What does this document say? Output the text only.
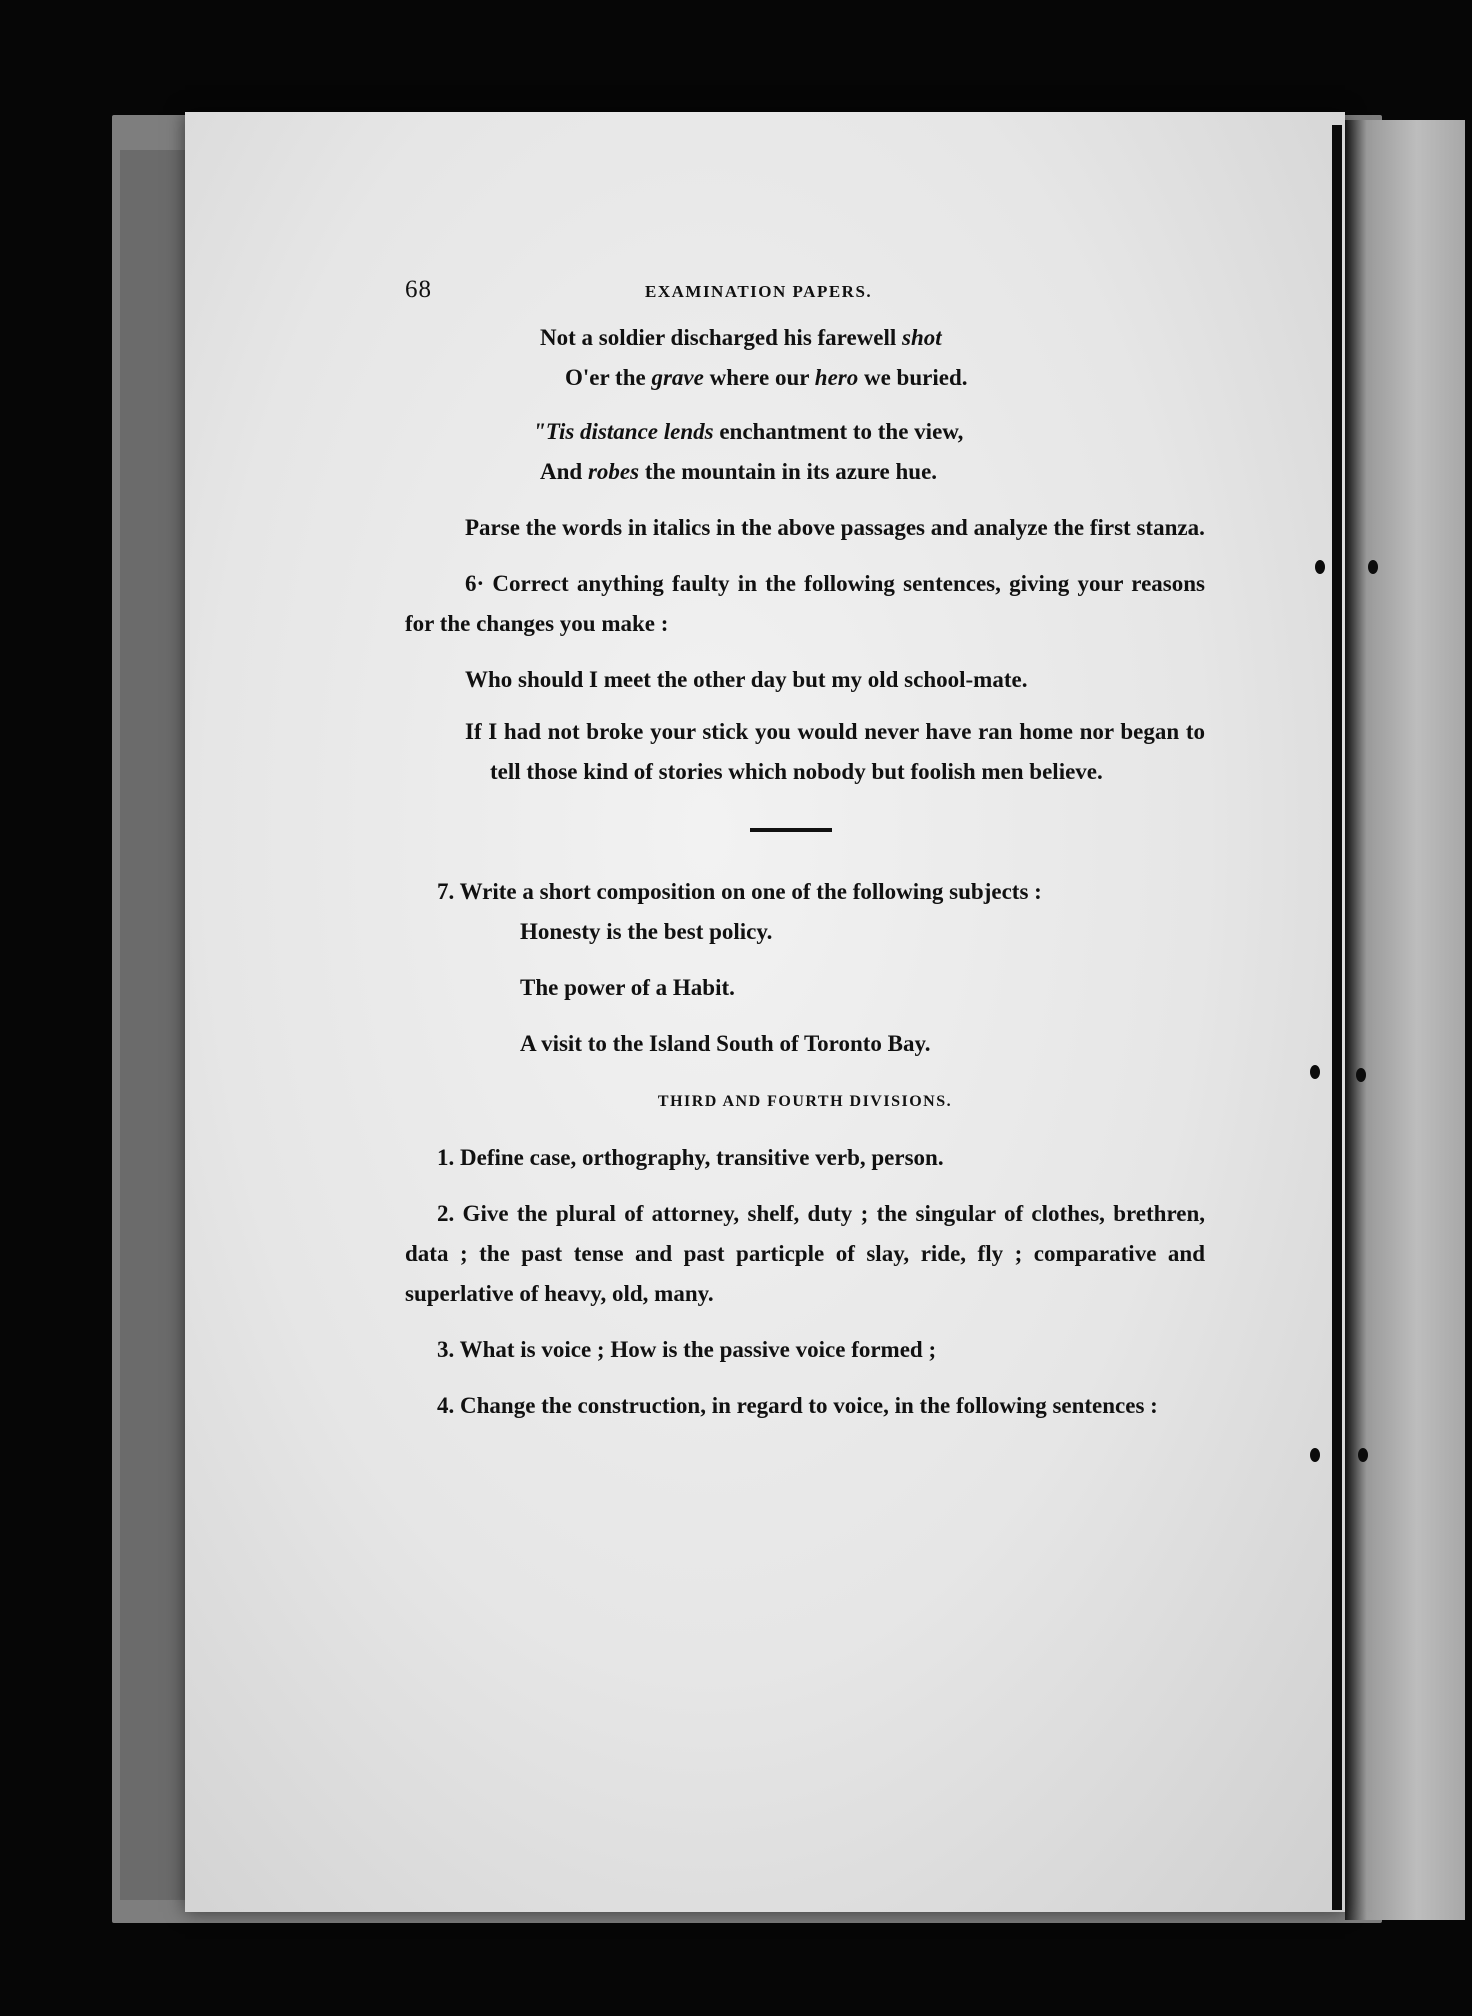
68	EXAMINATION PAPERS.
Not a soldier discharged his farewell shot
O'er the grave where our hero we buried.
"Tis distance lends enchantment to the view,
And robes the mountain in its azure hue.
Parse the words in italics in the above passages and analyze the first stanza.
6· Correct anything faulty in the following sentences, giving your reasons for the changes you make :
Who should I meet the other day but my old school-mate.
If I had not broke your stick you would never have ran home nor began to tell those kind of stories which nobody but foolish men believe.
7. Write a short composition on one of the following subjects :
Honesty is the best policy.
The power of a Habit.
A visit to the Island South of Toronto Bay.
THIRD AND FOURTH DIVISIONS.
1. Define case, orthography, transitive verb, person.
2. Give the plural of attorney, shelf, duty ; the singular of clothes, brethren, data ; the past tense and past particple of slay, ride, fly ; comparative and superlative of heavy, old, many.
3. What is voice ; How is the passive voice formed ;
4. Change the construction, in regard to voice, in the following sentences :
